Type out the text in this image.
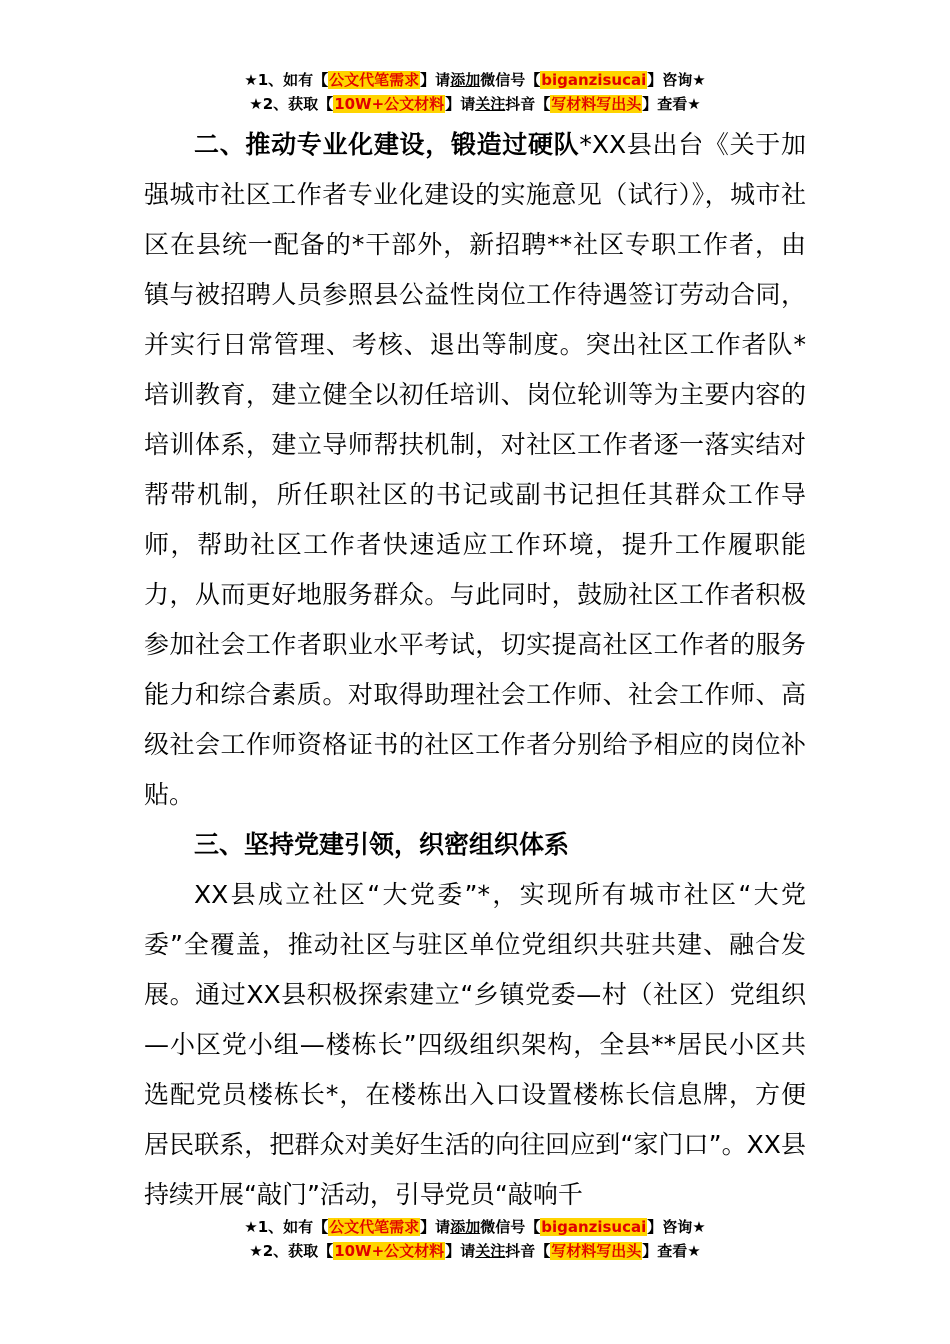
★1、如有【公文代笔需求】请添加微信号【biganzisucai】咨询★
★2、获取【10W+公文材料】请关注抖音【写材料写出头】查看★

二、推动专业化建设，锻造过硬队*XX县出台《关于加强城市社区工作者专业化建设的实施意见（试行）》，城市社区在县统一配备的*干部外，新招聘**社区专职工作者，由镇与被招聘人员参照县公益性岗位工作待遇签订劳动合同，并实行日常管理、考核、退出等制度。突出社区工作者队*培训教育，建立健全以初任培训、岗位轮训等为主要内容的培训体系，建立导师帮扶机制，对社区工作者逐一落实结对帮带机制，所任职社区的书记或副书记担任其群众工作导师，帮助社区工作者快速适应工作环境，提升工作履职能力，从而更好地服务群众。与此同时，鼓励社区工作者积极参加社会工作者职业水平考试，切实提高社区工作者的服务能力和综合素质。对取得助理社会工作师、社会工作师、高级社会工作师资格证书的社区工作者分别给予相应的岗位补贴。

三、坚持党建引领，织密组织体系

XX县成立社区“大党委”*，实现所有城市社区“大党委”全覆盖，推动社区与驻区单位党组织共驻共建、融合发展。通过XX县积极探索建立“乡镇党委—村（社区）党组织—小区党小组—楼栋长”四级组织架构，全县**居民小区共选配党员楼栋长*，在楼栋出入口设置楼栋长信息牌，方便居民联系，把群众对美好生活的向往回应到“家门口”。XX县持续开展“敲门”活动，引导党员“敲响千

★1、如有【公文代笔需求】请添加微信号【biganzisucai】咨询★
★2、获取【10W+公文材料】请关注抖音【写材料写出头】查看★
